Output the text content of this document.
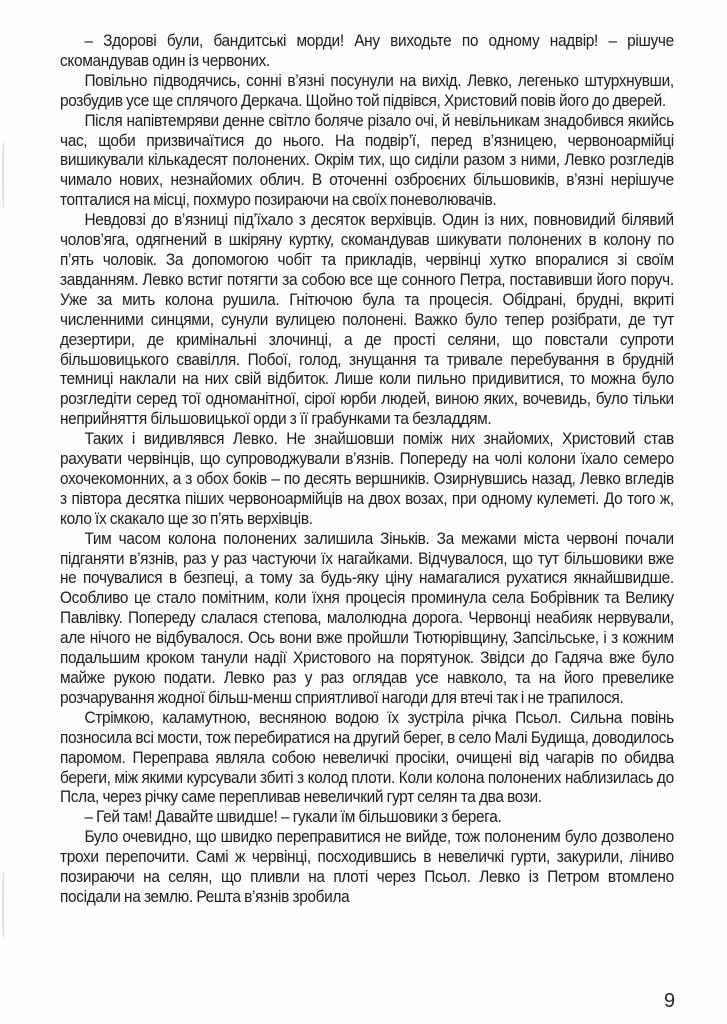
– Здорові були, бандитські морди! Ану виходьте по одному надвір! – рішуче скомандував один із червоних.

Повільно підводячись, сонні в’язні посунули на вихід. Левко, легенько штурхнувши, розбудив усе ще сплячого Деркача. Щойно той підвівся, Христовий повів його до дверей.

Після напівтемряви денне світло боляче різало очі, й невільникам знадобився якийсь час, щоби призвичаїтися до нього. На подвір’ї, перед в’язницею, червоноармійці вишикували кількадесят полонених. Окрім тих, що сиділи разом з ними, Левко розгледів чимало нових, незнайомих облич. В оточенні озброєних більшовиків, в’язні нерішуче топталися на місці, похмуро позираючи на своїх поневолювачів.

Невдовзі до в’язниці під’їхало з десяток верхівців. Один із них, повновидий білявий чолов’яга, одягнений в шкіряну куртку, скомандував шикувати полонених в колону по п’ять чоловік. За допомогою чобіт та прикладів, червінці хутко впоралися зі своїм завданням. Левко встиг потягти за собою все ще сонного Петра, поставивши його поруч. Уже за мить колона рушила. Гнітючою була та процесія. Обідрані, брудні, вкриті численними синцями, сунули вулицею полонені. Важко було тепер розібрати, де тут дезертири, де кримінальні злочинці, а де прості селяни, що повстали супроти більшовицького свавілля. Побої, голод, знущання та тривале перебування в брудній темниці наклали на них свій відбиток. Лише коли пильно придивитися, то можна було розгледіти серед тої одноманітної, сірої юрби людей, виною яких, вочевидь, було тільки неприйняття більшовицької орди з її грабунками та безладдям.

Таких і видивлявся Левко. Не знайшовши поміж них знайомих, Христовий став рахувати червінців, що супроводжували в’язнів. Попереду на чолі колони їхало семеро охочекомонних, а з обох боків – по десять вершників. Озирнувшись назад, Левко вгледів з півтора десятка піших червоноармійців на двох возах, при одному кулеметі. До того ж, коло їх скакало ще зо п’ять верхівців.

Тим часом колона полонених залишила Зіньків. За межами міста червоні почали підганяти в’язнів, раз у раз частуючи їх нагайками. Відчувалося, що тут більшовики вже не почувалися в безпеці, а тому за будь-яку ціну намагалися рухатися якнайшвидше. Особливо це стало помітним, коли їхня процесія проминула села Бобрівник та Велику Павлівку. Попереду слалася степова, малолюдна дорога. Червонці неабияк нервували, але нічого не відбувалося. Ось вони вже пройшли Тютюрівщину, Запсільське, і з кожним подальшим кроком танули надії Христового на порятунок. Звідси до Гадяча вже було майже рукою подати. Левко раз у раз оглядав усе навколо, та на його превелике розчарування жодної більш-менш сприятливої нагоди для втечі так і не трапилося.

Стрімкою, каламутною, весняною водою їх зустріла річка Псьол. Сильна повінь позносила всі мости, тож перебиратися на другий берег, в село Малі Будища, доводилось паромом. Переправа являла собою невеличкі просіки, очищені від чагарів по обидва береги, між якими курсували збиті з колод плоти. Коли колона полонених наблизилась до Псла, через річку саме перепливав невеличкий гурт селян та два вози.

– Гей там! Давайте швидше! – гукали їм більшовики з берега.

Було очевидно, що швидко переправитися не вийде, тож полоненим було дозволено трохи перепочити. Самі ж червінці, посходившись в невеличкі гурти, закурили, ліниво позираючи на селян, що пливли на плоті через Псьол. Левко із Петром втомлено посідали на землю. Решта в’язнів зробила

9
